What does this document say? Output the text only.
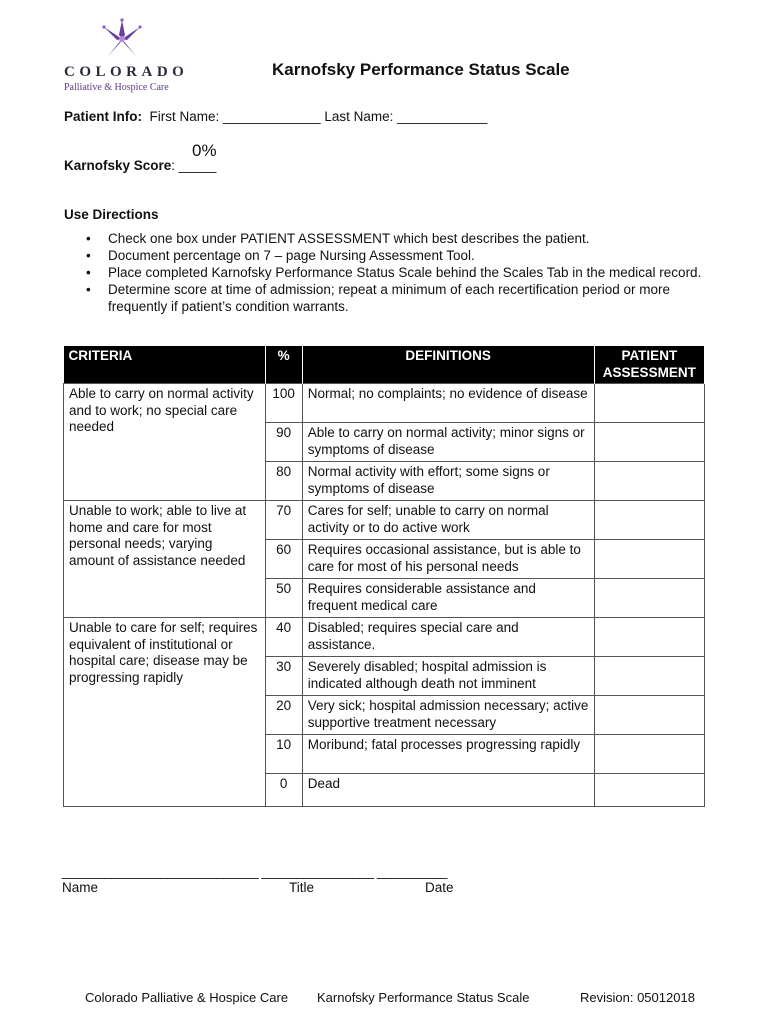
COLORADO
Palliative & Hospice Care
Karnofsky Performance Status Scale
Patient Info: First Name: _____________ Last Name: ____________
0%
Karnofsky Score: _____
Use Directions
• Check one box under PATIENT ASSESSMENT which best describes the patient.
• Document percentage on 7 – page Nursing Assessment Tool.
• Place completed Karnofsky Performance Status Scale behind the Scales Tab in the medical record.
• Determine score at time of admission; repeat a minimum of each recertification period or more frequently if patient’s condition warrants.
CRITERIA	%	DEFINITIONS	PATIENT ASSESSMENT
Able to carry on normal activity and to work; no special care needed	100	Normal; no complaints; no evidence of disease	
	90	Able to carry on normal activity; minor signs or symptoms of disease	
	80	Normal activity with effort; some signs or symptoms of disease	
Unable to work; able to live at home and care for most personal needs; varying amount of assistance needed	70	Cares for self; unable to carry on normal activity or to do active work	
	60	Requires occasional assistance, but is able to care for most of his personal needs	
	50	Requires considerable assistance and frequent medical care	
Unable to care for self; requires equivalent of institutional or hospital care; disease may be progressing rapidly	40	Disabled; requires special care and assistance.	
	30	Severely disabled; hospital admission is indicated although death not imminent	
	20	Very sick; hospital admission necessary; active supportive treatment necessary	
	10	Moribund; fatal processes progressing rapidly	
	0	Dead	
____________________________ ________________ __________
Name	Title	Date
Colorado Palliative & Hospice Care Karnofsky Performance Status Scale	Revision: 05012018
